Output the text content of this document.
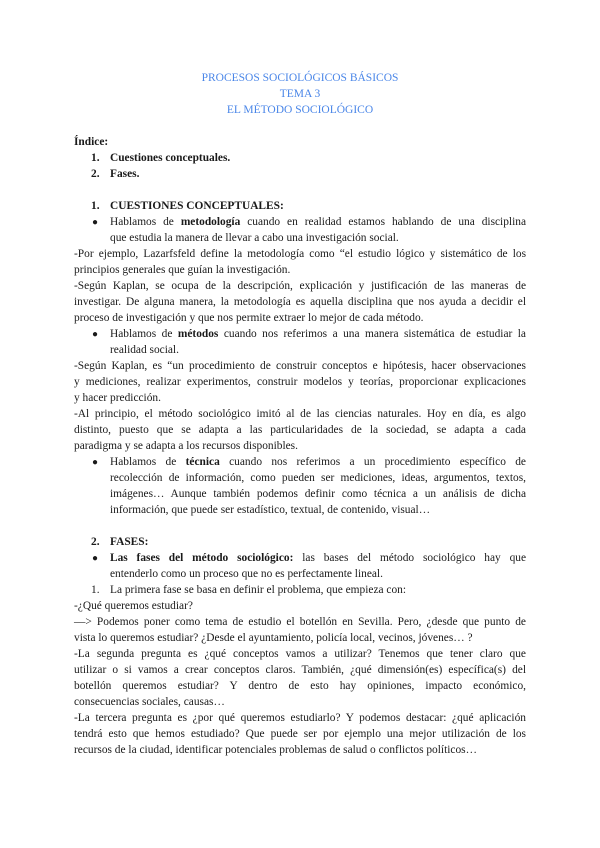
PROCESOS SOCIOLÓGICOS BÁSICOS
TEMA 3
EL MÉTODO SOCIOLÓGICO
Índice:
1. Cuestiones conceptuales.
2. Fases.
1. CUESTIONES CONCEPTUALES:
● Hablamos de metodología cuando en realidad estamos hablando de una disciplina
que estudia la manera de llevar a cabo una investigación social.
-Por ejemplo, Lazarfsfeld define la metodología como “el estudio lógico y sistemático de los
principios generales que guían la investigación.
-Según Kaplan, se ocupa de la descripción, explicación y justificación de las maneras de
investigar. De alguna manera, la metodología es aquella disciplina que nos ayuda a decidir el
proceso de investigación y que nos permite extraer lo mejor de cada método.
● Hablamos de métodos cuando nos referimos a una manera sistemática de estudiar la
realidad social.
-Según Kaplan, es “un procedimiento de construir conceptos e hipótesis, hacer observaciones
y mediciones, realizar experimentos, construir modelos y teorías, proporcionar explicaciones
y hacer predicción.
-Al principio, el método sociológico imitó al de las ciencias naturales. Hoy en día, es algo
distinto, puesto que se adapta a las particularidades de la sociedad, se adapta a cada
paradigma y se adapta a los recursos disponibles.
● Hablamos de técnica cuando nos referimos a un procedimiento específico de
recolección de información, como pueden ser mediciones, ideas, argumentos, textos,
imágenes… Aunque también podemos definir como técnica a un análisis de dicha
información, que puede ser estadístico, textual, de contenido, visual…
2. FASES:
● Las fases del método sociológico: las bases del método sociológico hay que
entenderlo como un proceso que no es perfectamente lineal.
1. La primera fase se basa en definir el problema, que empieza con:
-¿Qué queremos estudiar?
—> Podemos poner como tema de estudio el botellón en Sevilla. Pero, ¿desde que punto de
vista lo queremos estudiar? ¿Desde el ayuntamiento, policía local, vecinos, jóvenes… ?
-La segunda pregunta es ¿qué conceptos vamos a utilizar? Tenemos que tener claro que
utilizar o si vamos a crear conceptos claros. También, ¿qué dimensión(es) específica(s) del
botellón queremos estudiar? Y dentro de esto hay opiniones, impacto económico,
consecuencias sociales, causas…
-La tercera pregunta es ¿por qué queremos estudiarlo? Y podemos destacar: ¿qué aplicación
tendrá esto que hemos estudiado? Que puede ser por ejemplo una mejor utilización de los
recursos de la ciudad, identificar potenciales problemas de salud o conflictos políticos…
